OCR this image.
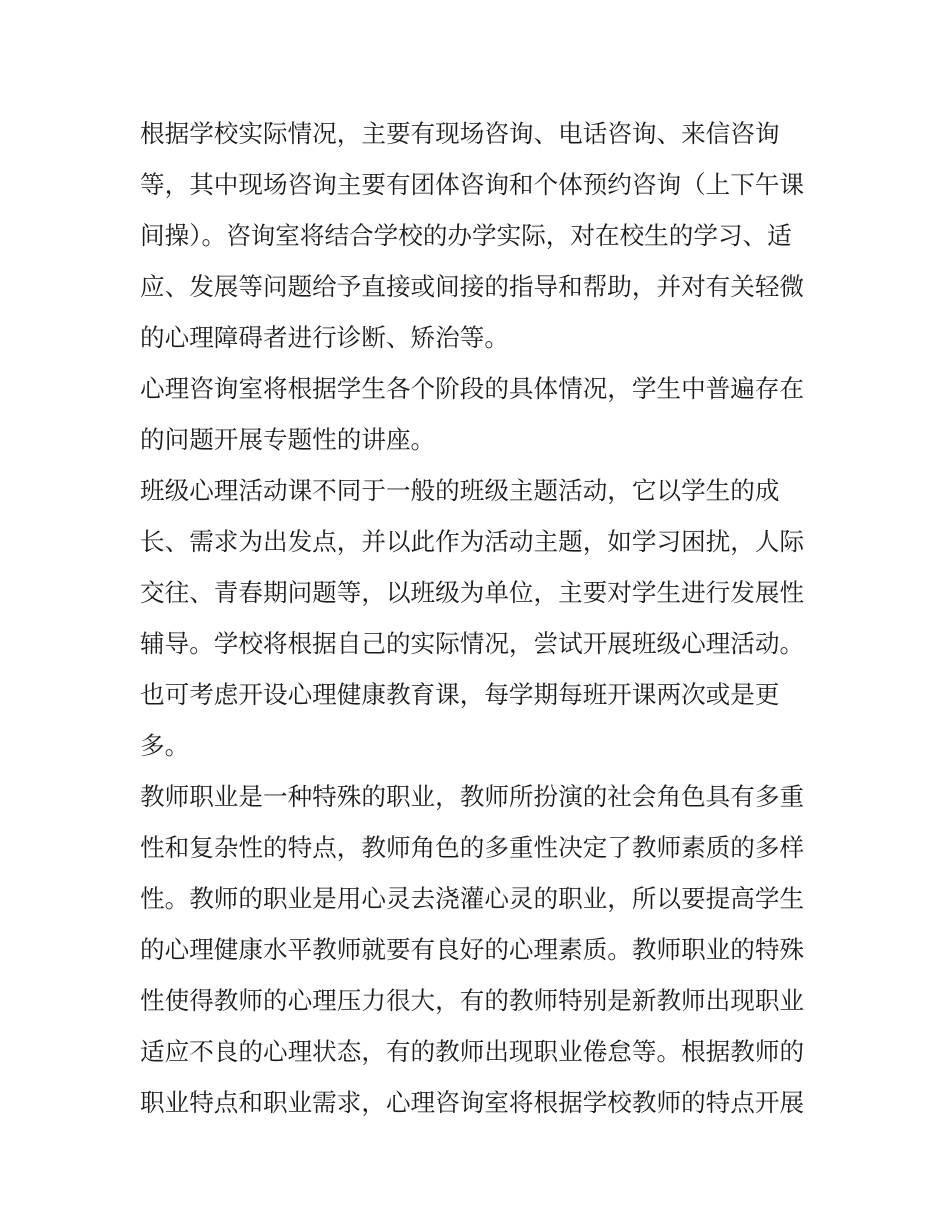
根据学校实际情况，主要有现场咨询、电话咨询、来信咨询
等，其中现场咨询主要有团体咨询和个体预约咨询（上下午课
间操）。咨询室将结合学校的办学实际，对在校生的学习、适
应、发展等问题给予直接或间接的指导和帮助，并对有关轻微
的心理障碍者进行诊断、矫治等。
心理咨询室将根据学生各个阶段的具体情况，学生中普遍存在
的问题开展专题性的讲座。
班级心理活动课不同于一般的班级主题活动，它以学生的成
长、需求为出发点，并以此作为活动主题，如学习困扰，人际
交往、青春期问题等，以班级为单位，主要对学生进行发展性
辅导。学校将根据自己的实际情况，尝试开展班级心理活动。
也可考虑开设心理健康教育课，每学期每班开课两次或是更
多。
教师职业是一种特殊的职业，教师所扮演的社会角色具有多重
性和复杂性的特点，教师角色的多重性决定了教师素质的多样
性。教师的职业是用心灵去浇灌心灵的职业，所以要提高学生
的心理健康水平教师就要有良好的心理素质。教师职业的特殊
性使得教师的心理压力很大，有的教师特别是新教师出现职业
适应不良的心理状态，有的教师出现职业倦怠等。根据教师的
职业特点和职业需求，心理咨询室将根据学校教师的特点开展
